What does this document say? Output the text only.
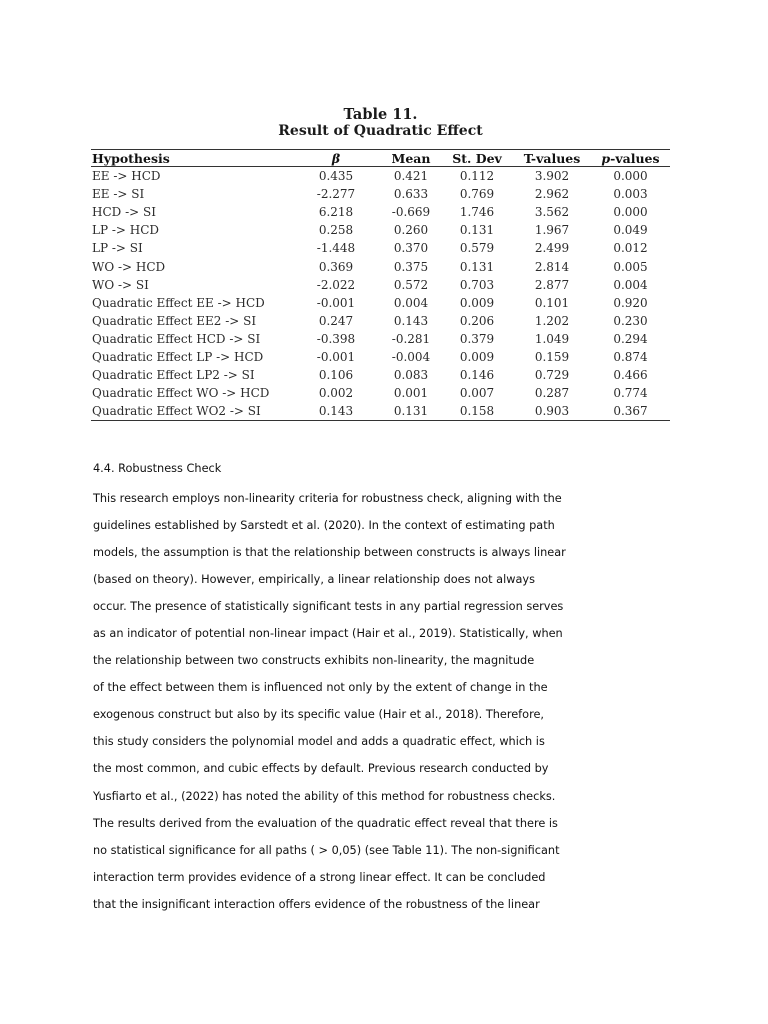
Table 11.
Result of Quadratic Effect
Hypothesis	β	Mean	St. Dev	T-values	p-values
EE -> HCD	0.435	0.421	0.112	3.902	0.000
EE -> SI	-2.277	0.633	0.769	2.962	0.003
HCD -> SI	6.218	-0.669	1.746	3.562	0.000
LP -> HCD	0.258	0.260	0.131	1.967	0.049
LP -> SI	-1.448	0.370	0.579	2.499	0.012
WO -> HCD	0.369	0.375	0.131	2.814	0.005
WO -> SI	-2.022	0.572	0.703	2.877	0.004
Quadratic Effect EE -> HCD	-0.001	0.004	0.009	0.101	0.920
Quadratic Effect EE2 -> SI	0.247	0.143	0.206	1.202	0.230
Quadratic Effect HCD -> SI	-0.398	-0.281	0.379	1.049	0.294
Quadratic Effect LP -> HCD	-0.001	-0.004	0.009	0.159	0.874
Quadratic Effect LP2 -> SI	0.106	0.083	0.146	0.729	0.466
Quadratic Effect WO -> HCD	0.002	0.001	0.007	0.287	0.774
Quadratic Effect WO2 -> SI	0.143	0.131	0.158	0.903	0.367
4.4. Robustness Check
This research employs non-linearity criteria for robustness check, aligning with the
guidelines established by Sarstedt et al. (2020). In the context of estimating path
models, the assumption is that the relationship between constructs is always linear
(based on theory). However, empirically, a linear relationship does not always
occur. The presence of statistically significant tests in any partial regression serves
as an indicator of potential non-linear impact (Hair et al., 2019). Statistically, when
the relationship between two constructs exhibits non-linearity, the magnitude
of the effect between them is influenced not only by the extent of change in the
exogenous construct but also by its specific value (Hair et al., 2018). Therefore,
this study considers the polynomial model and adds a quadratic effect, which is
the most common, and cubic effects by default. Previous research conducted by
Yusfiarto et al., (2022) has noted the ability of this method for robustness checks.
The results derived from the evaluation of the quadratic effect reveal that there is
no statistical significance for all paths ( > 0,05) (see Table 11). The non-significant
interaction term provides evidence of a strong linear effect. It can be concluded
that the insignificant interaction offers evidence of the robustness of the linear
